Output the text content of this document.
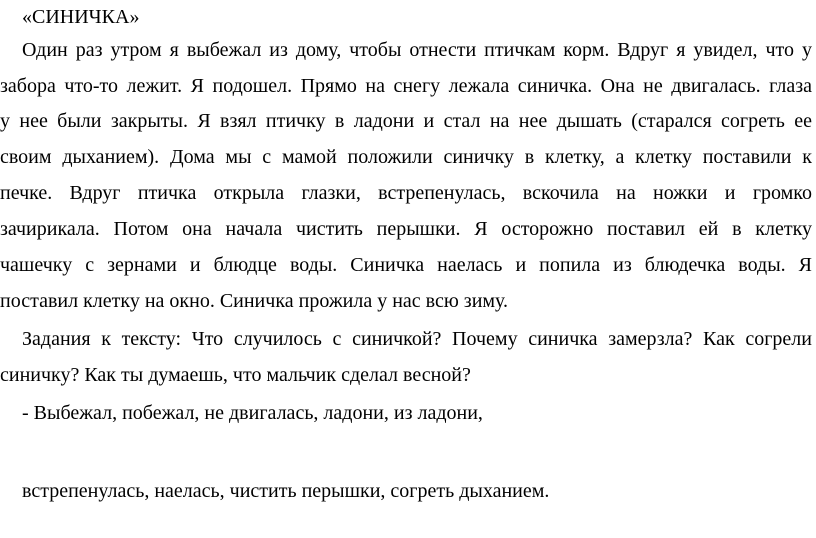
«СИНИЧКА»
Один раз утром я выбежал из дому, чтобы отнести птичкам корм. Вдруг я увидел, что у
забора что-то лежит. Я подошел. Прямо на снегу лежала синичка. Она не двигалась. глаза
у нее были закрыты. Я взял птичку в ладони и стал на нее дышать (старался согреть ее
своим дыханием). Дома мы с мамой положили синичку в клетку, а клетку поставили к
печке. Вдруг птичка открыла глазки, встрепенулась, вскочила на ножки и громко
зачирикала. Потом она начала чистить перышки. Я осторожно поставил ей в клетку
чашечку с зернами и блюдце воды. Синичка наелась и попила из блюдечка воды. Я
поставил клетку на окно. Синичка прожила у нас всю зиму.
Задания к тексту: Что случилось с синичкой? Почему синичка замерзла? Как согрели
синичку? Как ты думаешь, что мальчик сделал весной?
- Выбежал, побежал, не двигалась, ладони, из ладони,
встрепенулась, наелась, чистить перышки, согреть дыханием.
